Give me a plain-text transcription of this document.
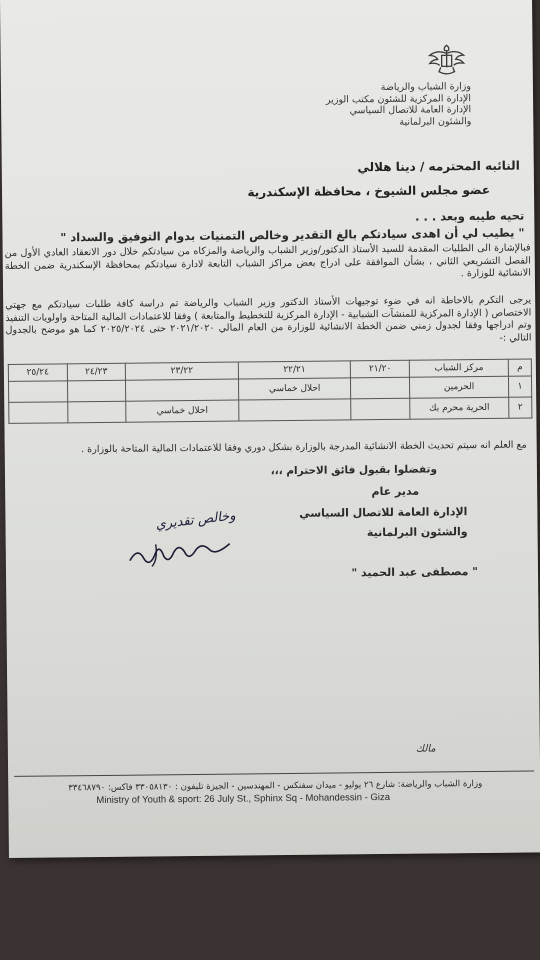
وزارة الشباب والرياضة
الإدارة المركزية للشئون مكتب الوزير
الإدارة العامة للاتصال السياسي
والشئون البرلمانية
النائبه المحترمه / دينا هلالي
عضو مجلس الشيوخ ، محافظة الإسكندرية
تحيه طيبه وبعد . . .
" يطيب لي أن اهدى سيادتكم بالغ التقدير وخالص التمنيات بدوام التوفيق والسداد "
فبالإشارة الى الطلبات المقدمة للسيد الأستاذ الدكتور/وزير الشباب والرياضة والمزكاه من سيادتكم خلال دور الانعقاد العادي الأول من الفصل التشريعي الثاني ، بشأن الموافقة على ادراج بعض مراكز الشباب التابعة لادارة سيادتكم بمحافظة الإسكندرية ضمن الخطة الانشائية للوزارة .
يرجى التكرم بالاحاطة انه في ضوء توجيهات الأستاذ الدكتور وزير الشباب والرياضة تم دراسة كافة طلبات سيادتكم مع جهتي الاختصاص ( الإدارة المركزية للمنشآت الشبابية - الإدارة المركزية للتخطيط والمتابعة ) وفقا للاعتمادات المالية المتاحة واولويات التنفيذ وتم ادراجها وفقا لجدول زمني ضمن الخطة الانشائية للوزارة من العام المالي ٢٠٢١/٢٠٢٠ حتى ٢٠٢٥/٢٠٢٤ كما هو موضح بالجدول التالي :-
م	مركز الشباب	٢١/٢٠	٢٢/٢١	٢٣/٢٢	٢٤/٢٣	٢٥/٢٤
١	الحرمين		احلال خماسي			
٢	الحرية محرم بك			احلال خماسي		
مع العلم انه سيتم تحديث الخطة الانشائية المدرجة بالوزارة بشكل دوري وفقا للاعتمادات المالية المتاحة بالوزارة .
وتفضلوا بقبول فائق الاحترام ،،،
مدير عام
الإدارة العامة للاتصال السياسي
والشئون البرلمانية
وخالص تقديري
" مصطفى عبد الحميد "
مالك
وزارة الشباب والرياضة: شارع ٢٦ يوليو - ميدان سفنكس - المهندسين - الجيزة تليفون : ٣٣٠٥٨١٣٠ فاكس: ٣٣٤٦٨٧٩٠
Ministry of Youth & sport: 26 July St., Sphinx Sq - Mohandessin - Giza
